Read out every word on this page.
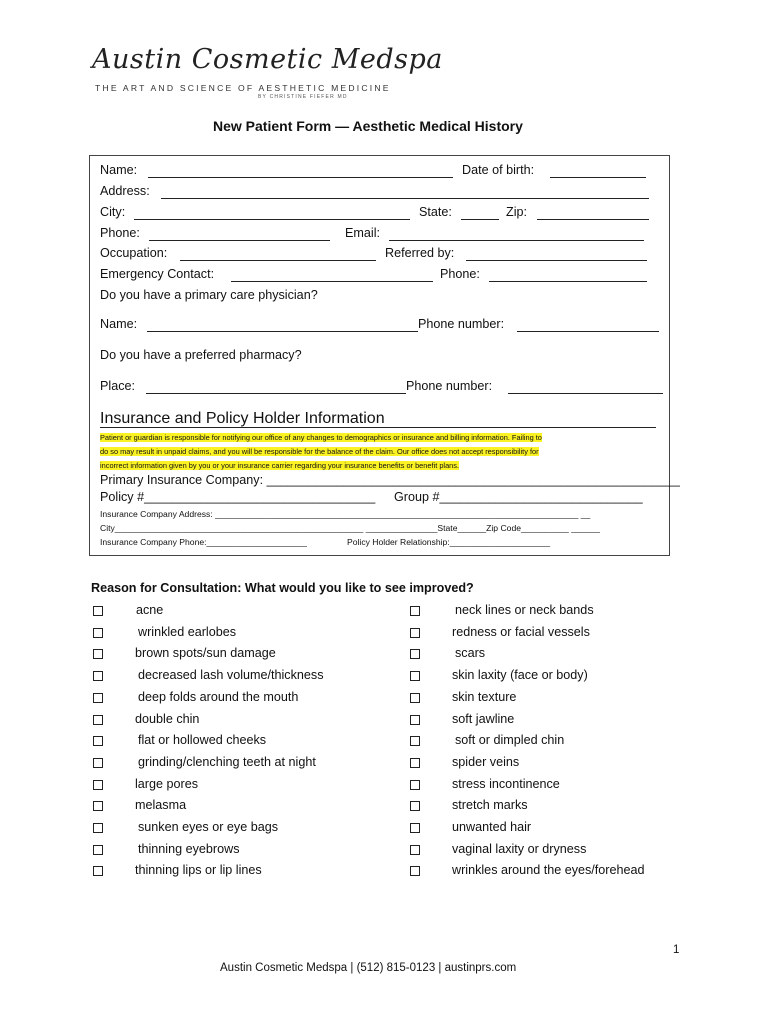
Austin Cosmetic Medspa
THE ART AND SCIENCE OF AESTHETIC MEDICINE
BY CHRISTINE FIEFER MD
New Patient Form — Aesthetic Medical History
Name:	Date of birth:
Address:
City:	State:	Zip:
Phone:	Email:
Occupation:	Referred by:
Emergency Contact:	Phone:
Do you have a primary care physician?
Name:	Phone number:
Do you have a preferred pharmacy?
Place:	Phone number:
Insurance and Policy Holder Information
Patient or guardian is responsible for notifying our office of any changes to demographics or insurance and billing information. Failing to
do so may result in unpaid claims, and you will be responsible for the balance of the claim. Our office does not accept responsibility for
incorrect information given by you or your insurance carrier regarding your insurance benefits or benefit plans.
Primary Insurance Company: ___________________________________________________________
Policy #_________________________________ Group #_____________________________
Insurance Company Address: ____________________________________________________________________________ __
City____________________________________________________ _______________State______Zip Code__________ ______
Insurance Company Phone:_____________________	Policy Holder Relationship:_____________________
Reason for Consultation: What would you like to see improved?
acne
wrinkled earlobes
brown spots/sun damage
decreased lash volume/thickness
deep folds around the mouth
double chin
flat or hollowed cheeks
grinding/clenching teeth at night
large pores
melasma
sunken eyes or eye bags
thinning eyebrows
thinning lips or lip lines
neck lines or neck bands
redness or facial vessels
scars
skin laxity (face or body)
skin texture
soft jawline
soft or dimpled chin
spider veins
stress incontinence
stretch marks
unwanted hair
vaginal laxity or dryness
wrinkles around the eyes/forehead
1
Austin Cosmetic Medspa | (512) 815-0123 | austinprs.com
